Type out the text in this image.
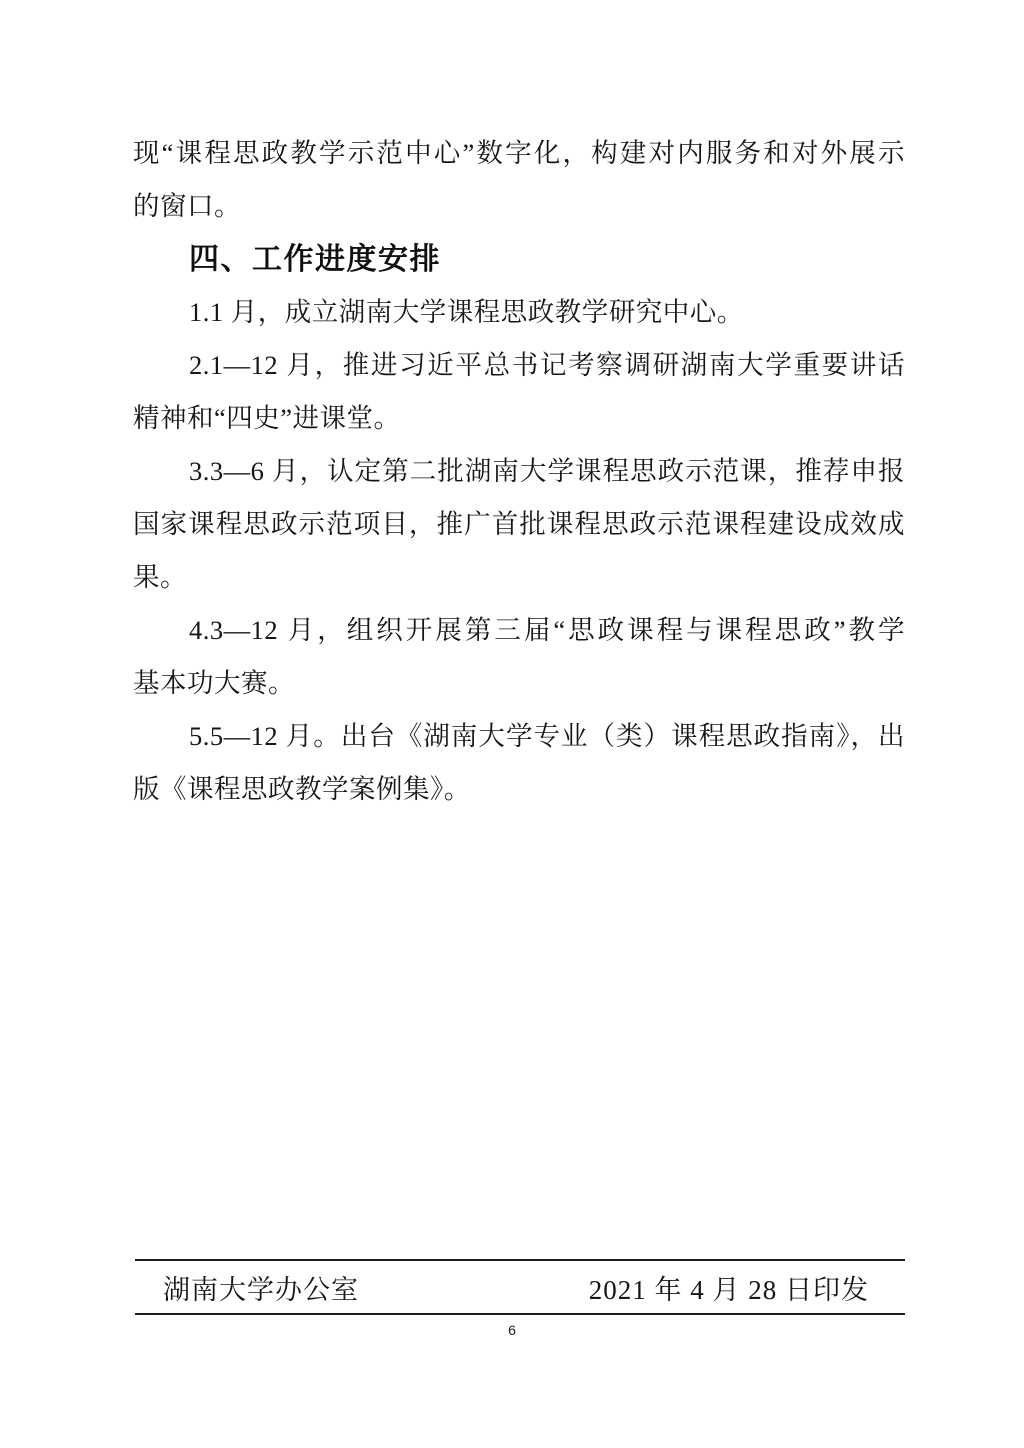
现“课程思政教学示范中心”数字化，构建对内服务和对外展示
的窗口。
四、工作进度安排
1.1 月，成立湖南大学课程思政教学研究中心。
2.1—12 月，推进习近平总书记考察调研湖南大学重要讲话
精神和“四史”进课堂。
3.3—6 月，认定第二批湖南大学课程思政示范课，推荐申报
国家课程思政示范项目，推广首批课程思政示范课程建设成效成
果。
4.3—12 月，组织开展第三届“思政课程与课程思政”教学
基本功大赛。
5.5—12 月。出台《湖南大学专业（类）课程思政指南》，出
版《课程思政教学案例集》。
湖南大学办公室	2021 年 4 月 28 日印发
6
